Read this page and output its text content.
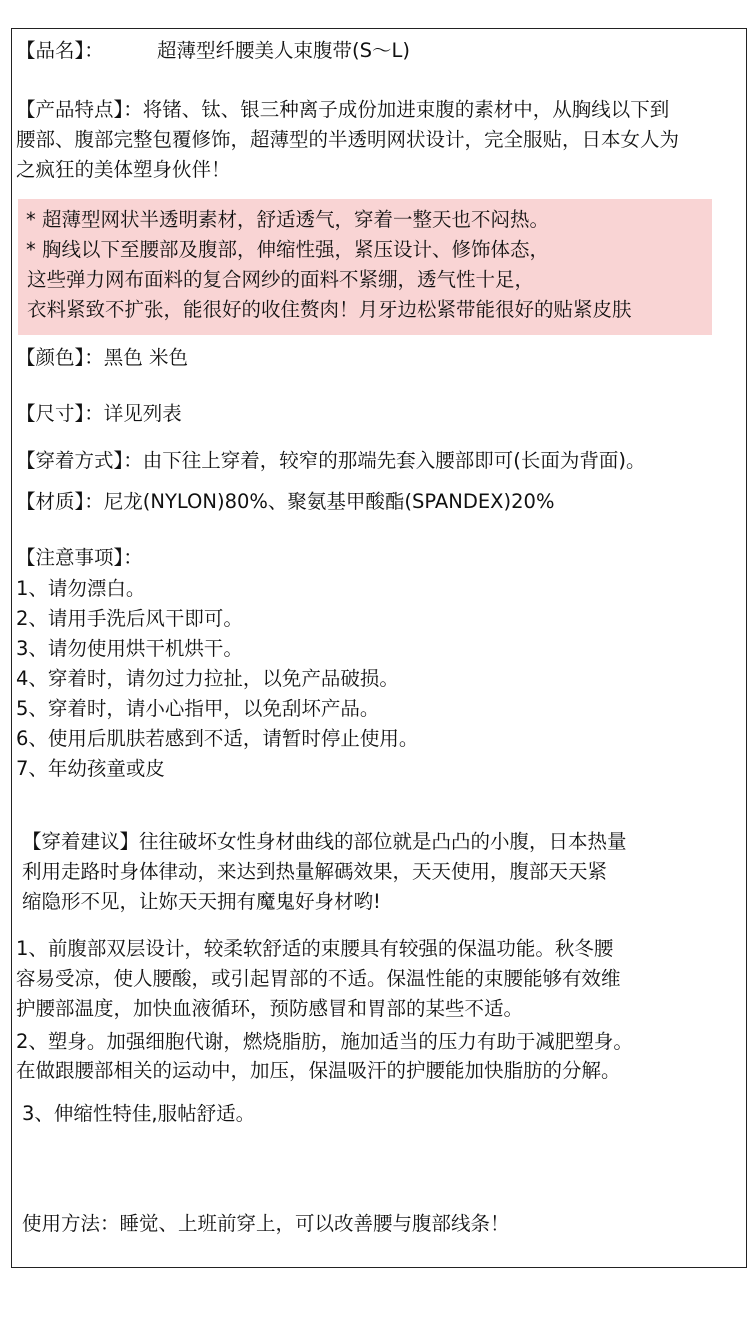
【品名】：	超薄型纤腰美人束腹带(S～L)
【产品特点】：将锗、钛、银三种离子成份加进束腹的素材中，从胸线以下到
腰部、腹部完整包覆修饰，超薄型的半透明网状设计，完全服贴，日本女人为
之疯狂的美体塑身伙伴！
* 超薄型网状半透明素材，舒适透气，穿着一整天也不闷热。
* 胸线以下至腰部及腹部，伸缩性强，紧压设计、修饰体态，
这些弹力网布面料的复合网纱的面料不紧绷，透气性十足，
衣料紧致不扩张，能很好的收住赘肉！月牙边松紧带能很好的贴紧皮肤
【颜色】：黑色 米色
【尺寸】：详见列表
【穿着方式】：由下往上穿着，较窄的那端先套入腰部即可(长面为背面)。
【材质】：尼龙(NYLON)80%、聚氨基甲酸酯(SPANDEX)20%
【注意事项】：
1、请勿漂白。
2、请用手洗后风干即可。
3、请勿使用烘干机烘干。
4、穿着时，请勿过力拉扯，以免产品破损。
5、穿着时，请小心指甲，以免刮坏产品。
6、使用后肌肤若感到不适，请暂时停止使用。
7、年幼孩童或皮
【穿着建议】往往破坏女性身材曲线的部位就是凸凸的小腹，日本热量
利用走路时身体律动，来达到热量解碼效果，天天使用，腹部天天紧
缩隐形不见，让妳天天拥有魔鬼好身材哟!
1、前腹部双层设计，较柔软舒适的束腰具有较强的保温功能。秋冬腰
容易受凉，使人腰酸，或引起胃部的不适。保温性能的束腰能够有效维
护腰部温度，加快血液循环，预防感冒和胃部的某些不适。
2、塑身。加强细胞代谢，燃烧脂肪，施加适当的压力有助于减肥塑身。
在做跟腰部相关的运动中，加压，保温吸汗的护腰能加快脂肪的分解。
3、伸缩性特佳,服帖舒适。
使用方法：睡觉、上班前穿上，可以改善腰与腹部线条！
